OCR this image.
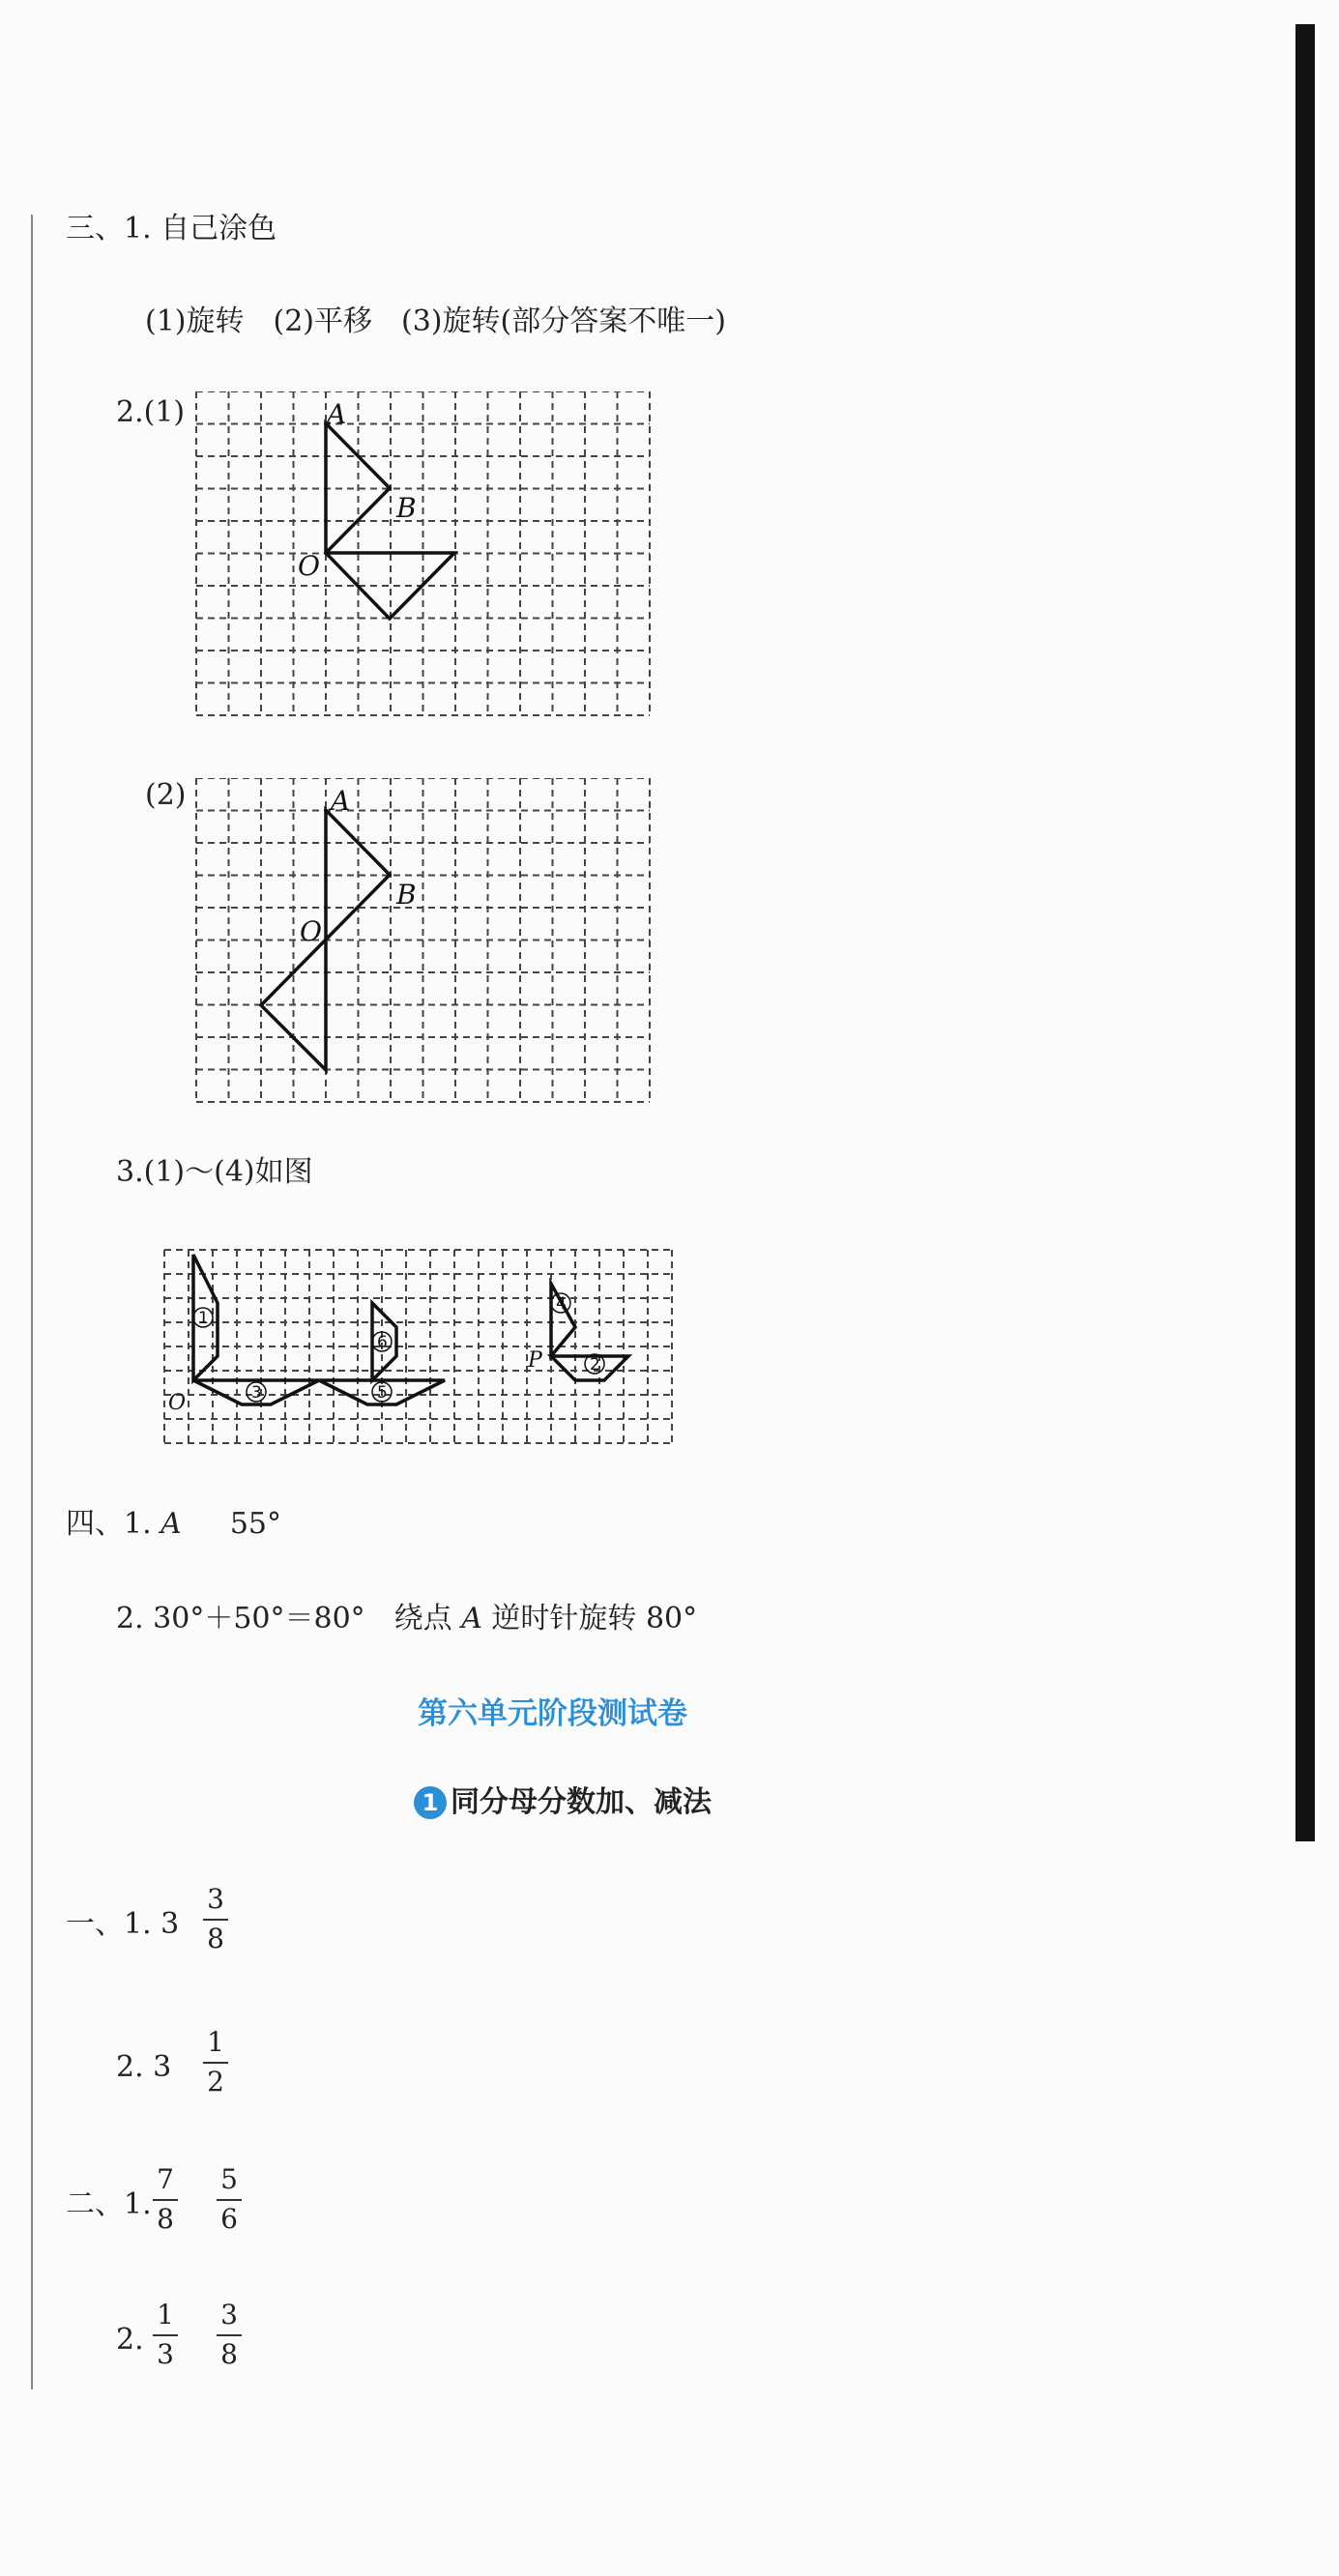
三、1. 自己涂色
(1)旋转　(2)平移　(3)旋转(部分答案不唯一)
2.(1)	A
B
O
(2)	A
B
O
3.(1)～(4)如图
O
P
1
2
3
4
5
6
四、1. A 55°
2. 30°＋50°＝80°　绕点 A 逆时针旋转 80°
第六单元阶段测试卷
1 同分母分数加、减法
一、1. 3
3
8
2. 3
1
2
二、1.
7
8
5
6
2.
1
3
3
8
